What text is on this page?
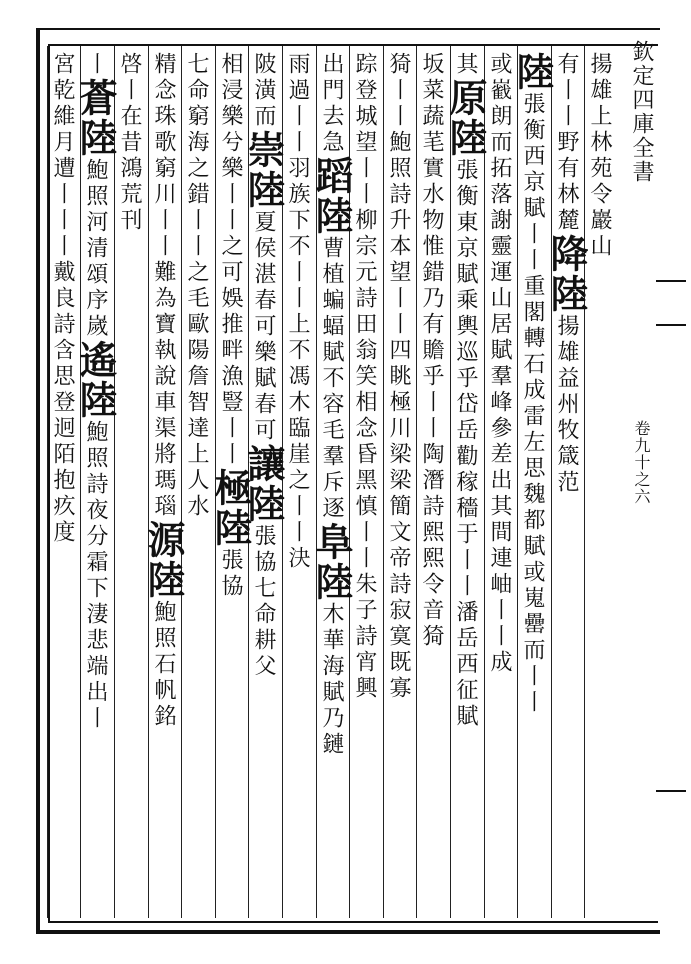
欽定四庫全書
卷九十之六
揚雄上林苑令巖山
有丨丨野有林麓降陸揚雄益州牧箴范
陸張衡西京賦丨丨重閣轉石成雷左思魏都賦或嵬罍而丨丨
或巀朗而拓落謝靈運山居賦羣峰參差出其間連岫丨丨成
其原陸張衡東京賦乘輿巡乎岱岳勸稼穡于丨丨潘岳西征賦
坂菜蔬芼實水物惟錯乃有贍乎丨丨陶潛詩熙熙令音猗
猗丨丨鮑照詩升本望丨丨四眺極川梁梁簡文帝詩寂寞既寡
踪登城望丨丨柳宗元詩田翁笑相念昏黑慎丨丨朱子詩宵興
出門去急蹈陸曹植蝙蝠賦不容毛羣斥逐阜陸木華海賦乃鏈
雨過丨丨羽族下不丨丨上不馮木臨崖之丨丨決
陂潢而崇陸夏侯湛春可樂賦春可讓陸張協七命耕父
相浸樂兮樂丨丨之可娛推畔漁豎丨丨極陸張協
七命窮海之錯丨丨之毛歐陽詹智達上人水
精念珠歌窮川丨丨難為寶執說車渠將瑪瑙源陸鮑照石帆銘
啓丨在昔鴻荒刊
丨蒼陸鮑照河清頌序嵗遙陸鮑照詩夜分霜下淒悲端出丨
宮乾維月遭丨丨丨戴良詩含思登迥陌抱疚度
